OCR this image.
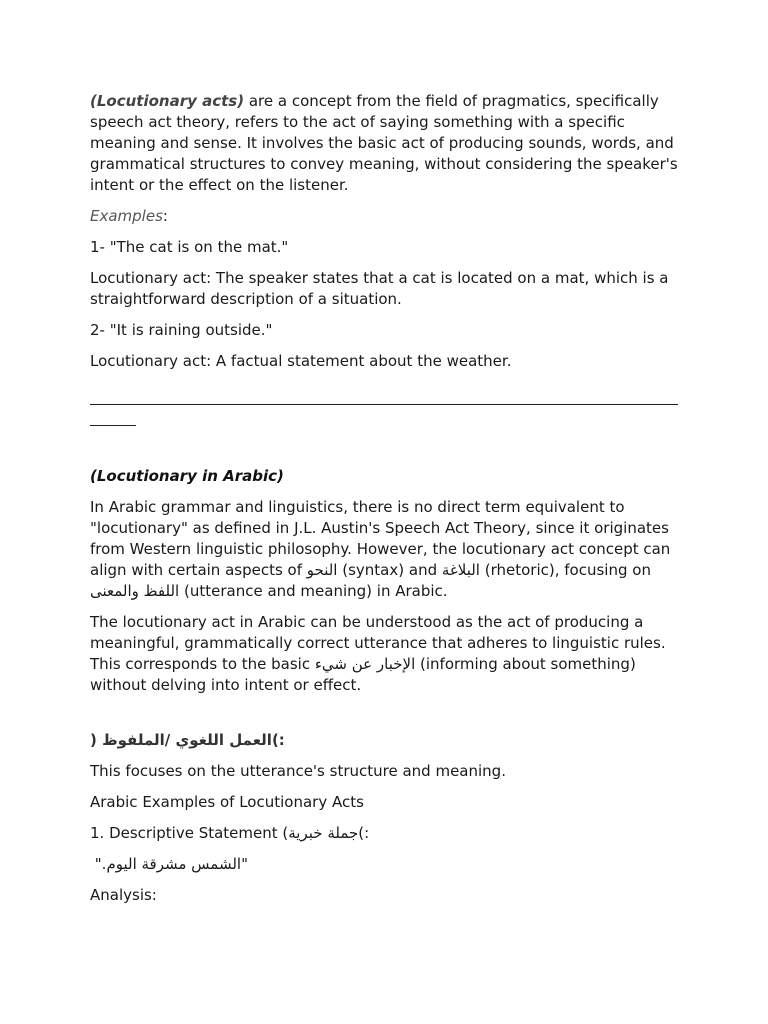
(Locutionary acts) are a concept from the field of pragmatics, specifically speech act theory, refers to the act of saying something with a specific meaning and sense. It involves the basic act of producing sounds, words, and grammatical structures to convey meaning, without considering the speaker's intent or the effect on the listener.

Examples:

1- "The cat is on the mat."

Locutionary act: The speaker states that a cat is located on a mat, which is a straightforward description of a situation.

2- "It is raining outside."

Locutionary act: A factual statement about the weather.

(Locutionary in Arabic)

In Arabic grammar and linguistics, there is no direct term equivalent to "locutionary" as defined in J.L. Austin's Speech Act Theory, since it originates from Western linguistic philosophy. However, the locutionary act concept can align with certain aspects of النحو (syntax) and البلاغة (rhetoric), focusing on اللفظ والمعنى (utterance and meaning) in Arabic.

The locutionary act in Arabic can be understood as the act of producing a meaningful, grammatically correct utterance that adheres to linguistic rules. This corresponds to the basic الإخبار عن شيء (informing about something) without delving into intent or effect.

) العمل اللغوي /الملفوظ(:

This focuses on the utterance's structure and meaning.

Arabic Examples of Locutionary Acts

1. Descriptive Statement (جملة خبرية(:

"الشمس مشرقة اليوم."

Analysis:
